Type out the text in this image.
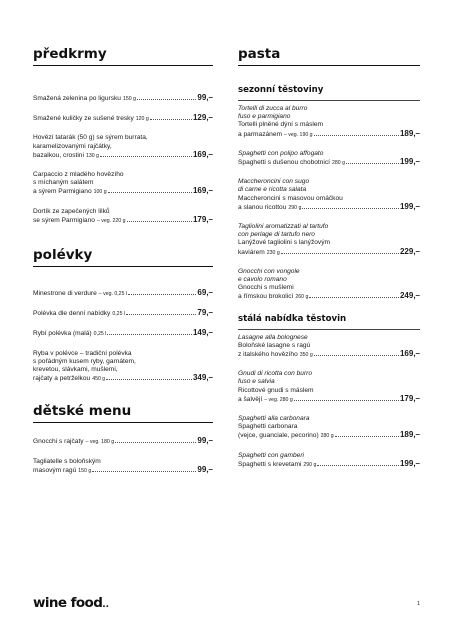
předkrmy
Smažená zelenina po ligursku 150 g	99,–
Smažené kuličky ze sušené tresky 120 g	129,–
Hovězí tatarák (50 g) se sýrem burrata,
karamelizovanými rajčátky,
bazalkou, crostini 130 g	169,–
Carpaccio z mladého hovězího
s míchaným salátem
a sýrem Parmigiano 100 g	169,–
Dortík ze zapečených lilků
se sýrem Parmigiano – veg. 220 g	179,–
polévky
Minestrone di verdure – veg. 0,25 l	69,–
Polévka dle denní nabídky 0,25 l	79,–
Rybí polévka (malá) 0,25 l	149,–
Ryba v polévce – tradiční polévka
s pořádným kusem ryby, garnátem,
krevetou, slávkami, mušlemi,
rajčaty a petrželkou 450 g	349,–
dětské menu
Gnocchi s rajčaty – veg. 180 g	99,–
Tagliatelle s boloňským
masovým ragú 150 g	99,–
pasta
sezonní těstoviny
Tortelli di zucca al burro
fuso e parmigiano
Tortelli plněné dýní s máslem
a parmazánem – veg. 190 g	189,–
Spaghetti con polipo affogato
Spaghetti s dušenou chobotnicí 280 g	199,–
Maccheroncini con sugo
di carne e ricotta salata
Maccheroncini s masovou omáčkou
a slanou ricottou 290 g	199,–
Tagliolini aromatizzati al tartufo
con perlage di tartufo nero
Lanýžové tagliolini s lanýžovým
kaviárem 230 g	229,–
Gnocchi con vongole
e cavolo romano
Gnocchi s mušlemi
a římskou brokolicí 260 g	249,–
stálá nabídka těstovin
Lasagne alla bolognese
Boloňské lasagne s ragú
z italského hovězího 350 g	169,–
Gnudi di ricotta con burro
fuso e salvia
Ricottové gnudi s máslem
a šalvějí – veg. 280 g	179,–
Spaghetti alla carbonara
Spaghetti carbonara
(vejce, guanciale, pecorino) 280 g	189,–
Spaghetti con gamberi
Spaghetti s krevetami 290 g	199,–
wine food..	1
